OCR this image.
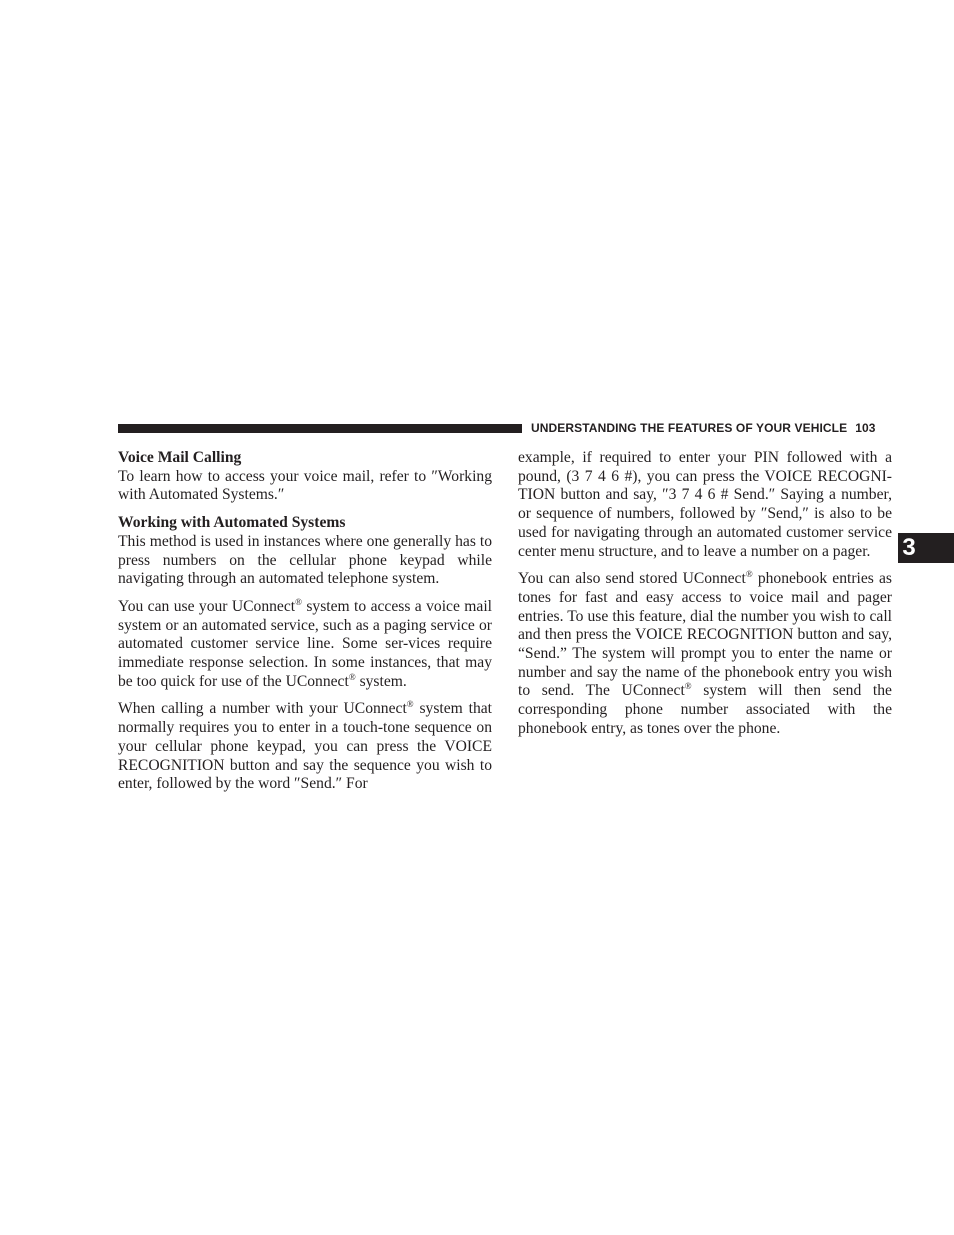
UNDERSTANDING THE FEATURES OF YOUR VEHICLE 103
3
Voice Mail Calling

To learn how to access your voice mail, refer to ″Working with Automated Systems.″

Working with Automated Systems

This method is used in instances where one generally has to press numbers on the cellular phone keypad while navigating through an automated telephone system.

You can use your UConnect® system to access a voice mail system or an automated service, such as a paging service or automated customer service line. Some ser-vices require immediate response selection. In some instances, that may be too quick for use of the UConnect® system.

When calling a number with your UConnect® system that normally requires you to enter in a touch-tone sequence on your cellular phone keypad, you can press the VOICE RECOGNITION button and say the sequence you wish to enter, followed by the word ″Send.″ For

example, if required to enter your PIN followed with a pound, (3 7 4 6 #), you can press the VOICE RECOGNI-TION button and say, ″3 7 4 6 # Send.″ Saying a number, or sequence of numbers, followed by ″Send,″ is also to be used for navigating through an automated customer service center menu structure, and to leave a number on a pager.

You can also send stored UConnect® phonebook entries as tones for fast and easy access to voice mail and pager entries. To use this feature, dial the number you wish to call and then press the VOICE RECOGNITION button and say, “Send.” The system will prompt you to enter the name or number and say the name of the phonebook entry you wish to send. The UConnect® system will then send the corresponding phone number associated with the phonebook entry, as tones over the phone.
